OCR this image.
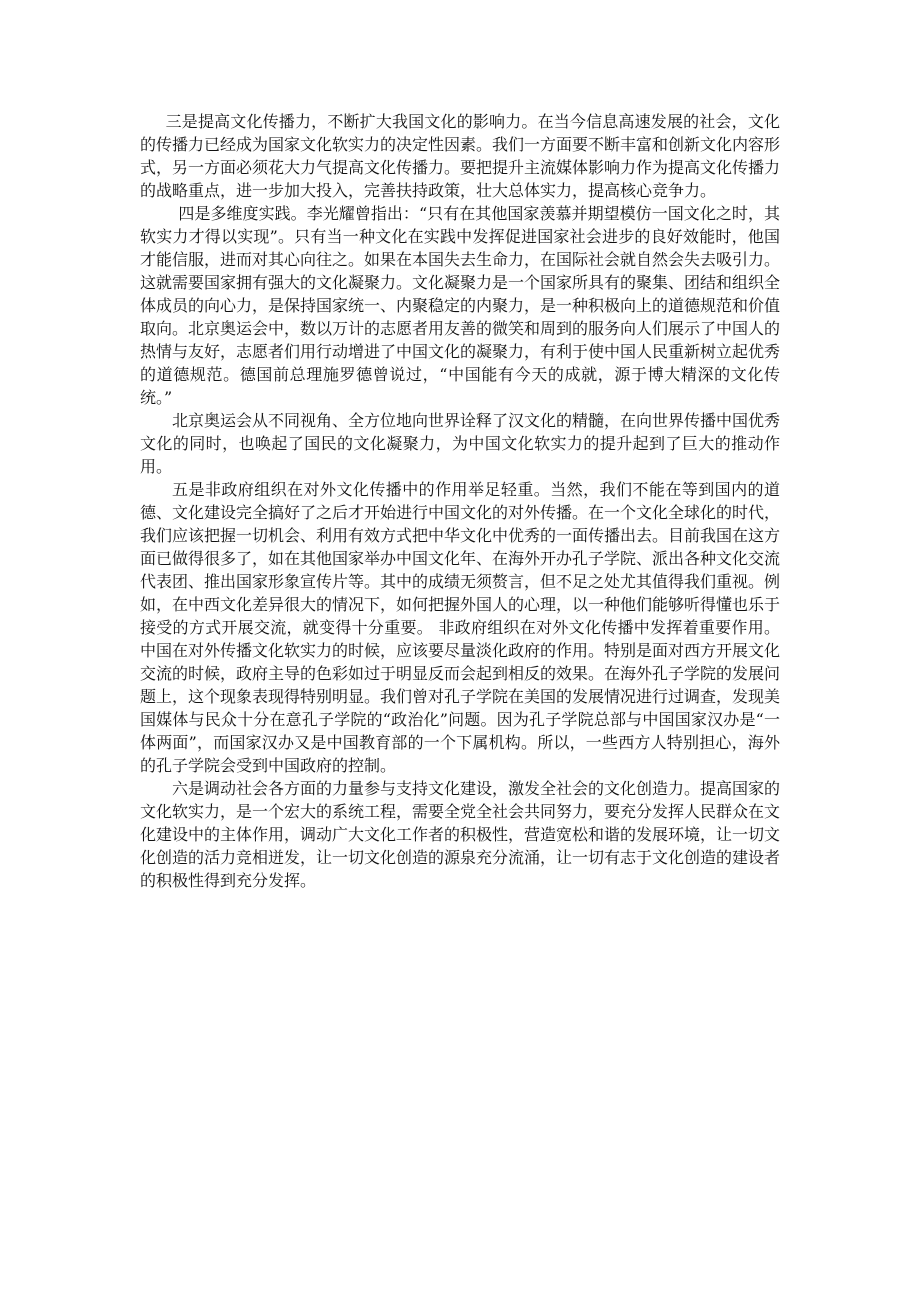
三是提高文化传播力，不断扩大我国文化的影响力。在当今信息高速发展的社会，文化的传播力已经成为国家文化软实力的决定性因素。我们一方面要不断丰富和创新文化内容形式，另一方面必须花大力气提高文化传播力。要把提升主流媒体影响力作为提高文化传播力的战略重点，进一步加大投入，完善扶持政策，壮大总体实力，提高核心竞争力。

四是多维度实践。李光耀曾指出：“只有在其他国家羡慕并期望模仿一国文化之时，其软实力才得以实现”。只有当一种文化在实践中发挥促进国家社会进步的良好效能时，他国才能信服，进而对其心向往之。如果在本国失去生命力，在国际社会就自然会失去吸引力。这就需要国家拥有强大的文化凝聚力。文化凝聚力是一个国家所具有的聚集、团结和组织全体成员的向心力，是保持国家统一、内聚稳定的内聚力，是一种积极向上的道德规范和价值取向。北京奥运会中，数以万计的志愿者用友善的微笑和周到的服务向人们展示了中国人的热情与友好，志愿者们用行动增进了中国文化的凝聚力，有利于使中国人民重新树立起优秀的道德规范。德国前总理施罗德曾说过，“中国能有今天的成就，源于博大精深的文化传统。”

北京奥运会从不同视角、全方位地向世界诠释了汉文化的精髓，在向世界传播中国优秀文化的同时，也唤起了国民的文化凝聚力，为中国文化软实力的提升起到了巨大的推动作用。

五是非政府组织在对外文化传播中的作用举足轻重。当然，我们不能在等到国内的道德、文化建设完全搞好了之后才开始进行中国文化的对外传播。在一个文化全球化的时代，我们应该把握一切机会、利用有效方式把中华文化中优秀的一面传播出去。目前我国在这方面已做得很多了，如在其他国家举办中国文化年、在海外开办孔子学院、派出各种文化交流代表团、推出国家形象宣传片等。其中的成绩无须赘言，但不足之处尤其值得我们重视。例如，在中西文化差异很大的情况下，如何把握外国人的心理，以一种他们能够听得懂也乐于接受的方式开展交流，就变得十分重要。 非政府组织在对外文化传播中发挥着重要作用。中国在对外传播文化软实力的时候，应该要尽量淡化政府的作用。特别是面对西方开展文化交流的时候，政府主导的色彩如过于明显反而会起到相反的效果。在海外孔子学院的发展问题上，这个现象表现得特别明显。我们曾对孔子学院在美国的发展情况进行过调查，发现美国媒体与民众十分在意孔子学院的“政治化”问题。因为孔子学院总部与中国国家汉办是“一体两面”，而国家汉办又是中国教育部的一个下属机构。所以，一些西方人特别担心，海外的孔子学院会受到中国政府的控制。

六是调动社会各方面的力量参与支持文化建设，激发全社会的文化创造力。提高国家的文化软实力，是一个宏大的系统工程，需要全党全社会共同努力，要充分发挥人民群众在文化建设中的主体作用，调动广大文化工作者的积极性，营造宽松和谐的发展环境，让一切文化创造的活力竞相迸发，让一切文化创造的源泉充分流涌，让一切有志于文化创造的建设者的积极性得到充分发挥。
